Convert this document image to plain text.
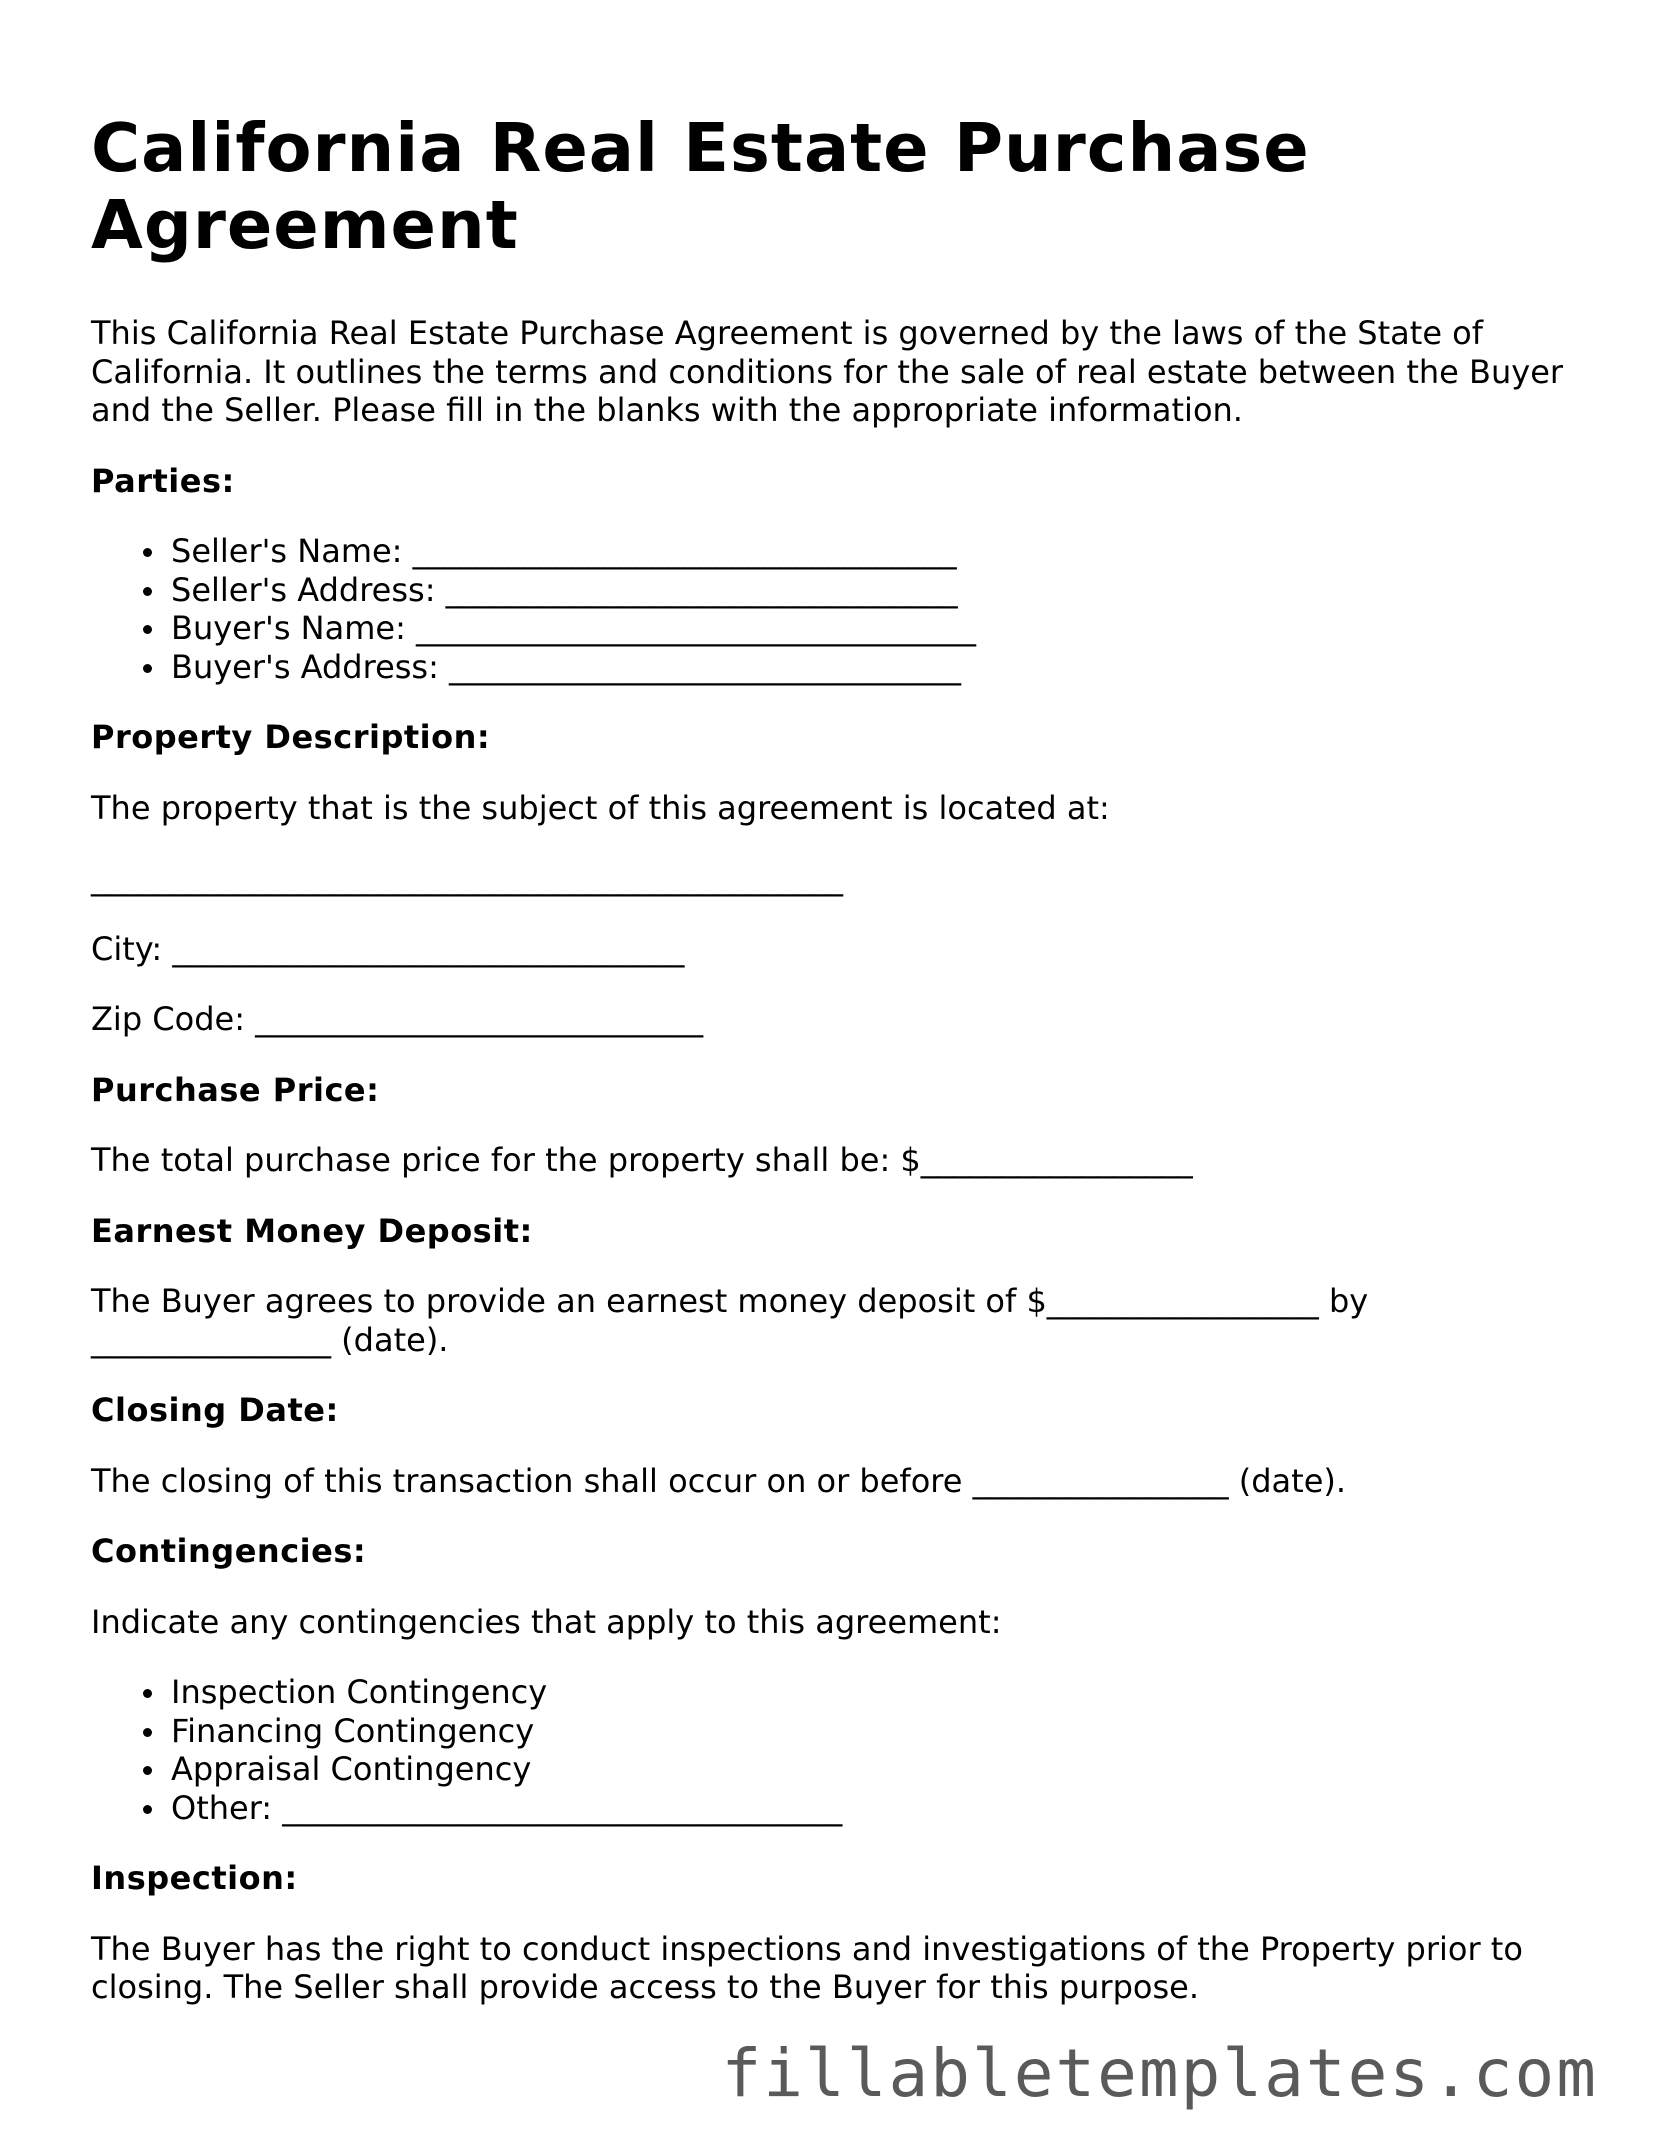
California Real Estate Purchase Agreement

This California Real Estate Purchase Agreement is governed by the laws of the State of California. It outlines the terms and conditions for the sale of real estate between the Buyer and the Seller. Please fill in the blanks with the appropriate information.

Parties:
Seller's Name: __________________________________
Seller's Address: ________________________________
Buyer's Name: ___________________________________
Buyer's Address: ________________________________
Property Description:

The property that is the subject of this agreement is located at:

_______________________________________________

City: ________________________________

Zip Code: ____________________________

Purchase Price:

The total purchase price for the property shall be: $_________________

Earnest Money Deposit:

The Buyer agrees to provide an earnest money deposit of $_________________ by _______________ (date).

Closing Date:

The closing of this transaction shall occur on or before ________________ (date).

Contingencies:

Indicate any contingencies that apply to this agreement:

Inspection Contingency
Financing Contingency
Appraisal Contingency
Other: ___________________________________
Inspection:

The Buyer has the right to conduct inspections and investigations of the Property prior to closing. The Seller shall provide access to the Buyer for this purpose.

fillabletemplates.com
